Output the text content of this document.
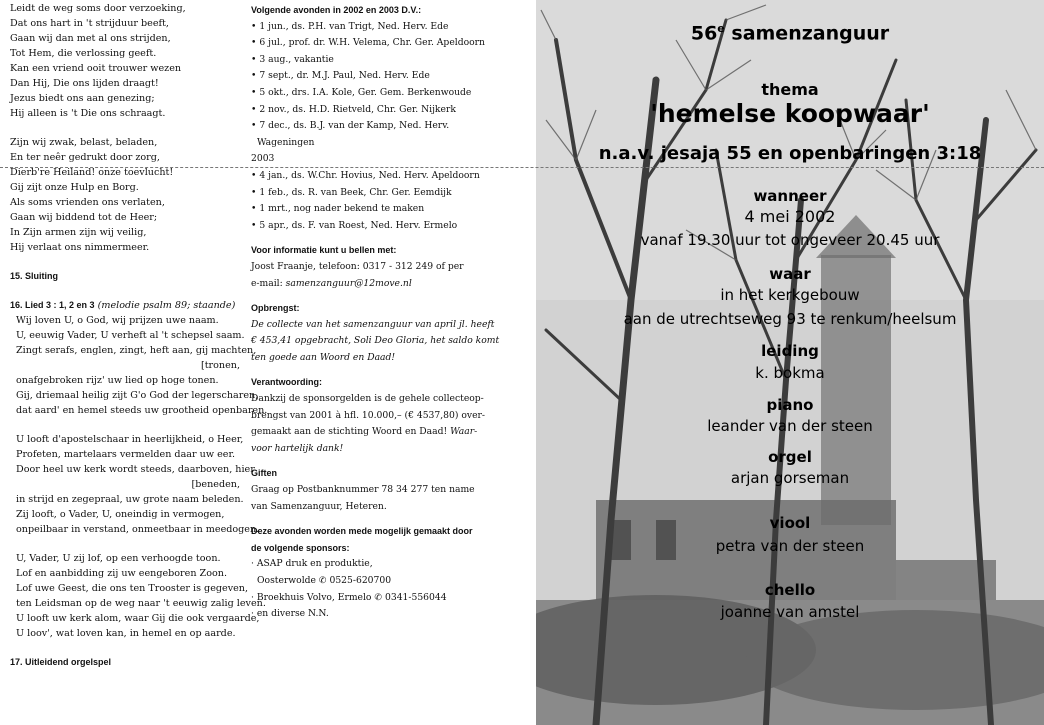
Leidt de weg soms door verzoeking,
Dat ons hart in 't strijduur beeft,
Gaan wij dan met al ons strijden,
Tot Hem, die verlossing geeft.
Kan een vriend ooit trouwer wezen
Dan Hij, Die ons lijden draagt!
Jezus biedt ons aan genezing;
Hij alleen is 't Die ons schraagt.
Zijn wij zwak, belast, beladen,
En ter neêr gedrukt door zorg,
Dierb're Heiland! onze toevlucht!
Gij zijt onze Hulp en Borg.
Als soms vrienden ons verlaten,
Gaan wij biddend tot de Heer;
In Zijn armen zijn wij veilig,
Hij verlaat ons nimmermeer.
15. Sluiting
16. Lied 3 : 1, 2 en 3 (melodie psalm 89; staande)
Wij loven U, o God, wij prijzen uwe naam.
U, eeuwig Vader, U verheft al 't schepsel saam.
Zingt serafs, englen, zingt, heft aan, gij machten,
[tronen,
onafgebroken rijz' uw lied op hoge tonen.
Gij, driemaal heilig zijt G'o God der legerscharen,
dat aard' en hemel steeds uw grootheid openbaren.
U looft d'apostelschaar in heerlijkheid, o Heer,
Profeten, martelaars vermelden daar uw eer.
Door heel uw kerk wordt steeds, daarboven, hier
[beneden,
in strijd en zegepraal, uw grote naam beleden.
Zij looft, o Vader, U, oneindig in vermogen,
onpeilbaar in verstand, onmeetbaar in meedogen.
U, Vader, U zij lof, op een verhoogde toon.
Lof en aanbidding zij uw eengeboren Zoon.
Lof uwe Geest, die ons ten Trooster is gegeven,
ten Leidsman op de weg naar 't eeuwig zalig leven.
U looft uw kerk alom, waar Gij die ook vergaarde,
U loov', wat loven kan, in hemel en op aarde.
17. Uitleidend orgelspel
Volgende avonden in 2002 en 2003 D.V.:
• 1 jun., ds. P.H. van Trigt, Ned. Herv. Ede
• 6 jul., prof. dr. W.H. Velema, Chr. Ger. Apeldoorn
• 3 aug., vakantie
• 7 sept., dr. M.J. Paul, Ned. Herv. Ede
• 5 okt., drs. I.A. Kole, Ger. Gem. Berkenwoude
• 2 nov., ds. H.D. Rietveld, Chr. Ger. Nijkerk
• 7 dec., ds. B.J. van der Kamp, Ned. Herv.
Wageningen
2003
• 4 jan., ds. W.Chr. Hovius, Ned. Herv. Apeldoorn
• 1 feb., ds. R. van Beek, Chr. Ger. Eemdijk
• 1 mrt., nog nader bekend te maken
• 5 apr., ds. F. van Roest, Ned. Herv. Ermelo
Voor informatie kunt u bellen met:
Joost Fraanje, telefoon: 0317 - 312 249 of per
e-mail: samenzanguur@12move.nl
Opbrengst:
De collecte van het samenzanguur van april jl. heeft
€ 453,41 opgebracht, Soli Deo Gloria, het saldo komt
ten goede aan Woord en Daad!
Verantwoording:
Dankzij de sponsorgelden is de gehele collecteop-
brengst van 2001 à hfl. 10.000,– (€ 4537,80) over-
gemaakt aan de stichting Woord en Daad! Waar-
voor hartelijk dank!
Giften
Graag op Postbanknummer 78 34 277 ten name
van Samenzanguur, Heteren.
Deze avonden worden mede mogelijk gemaakt door
de volgende sponsors:
· ASAP druk en produktie,
Oosterwolde ✆ 0525-620700
· Broekhuis Volvo, Ermelo ✆ 0341-556044
· en diverse N.N.
56e samenzanguur
thema
'hemelse koopwaar'
n.a.v. jesaja 55 en openbaringen 3:18
wanneer
4 mei 2002
vanaf 19.30 uur tot ongeveer 20.45 uur
waar
in het kerkgebouw
aan de utrechtseweg 93 te renkum/heelsum
leiding
k. bokma
piano
leander van der steen
orgel
arjan gorseman
viool
petra van der steen
chello
joanne van amstel
